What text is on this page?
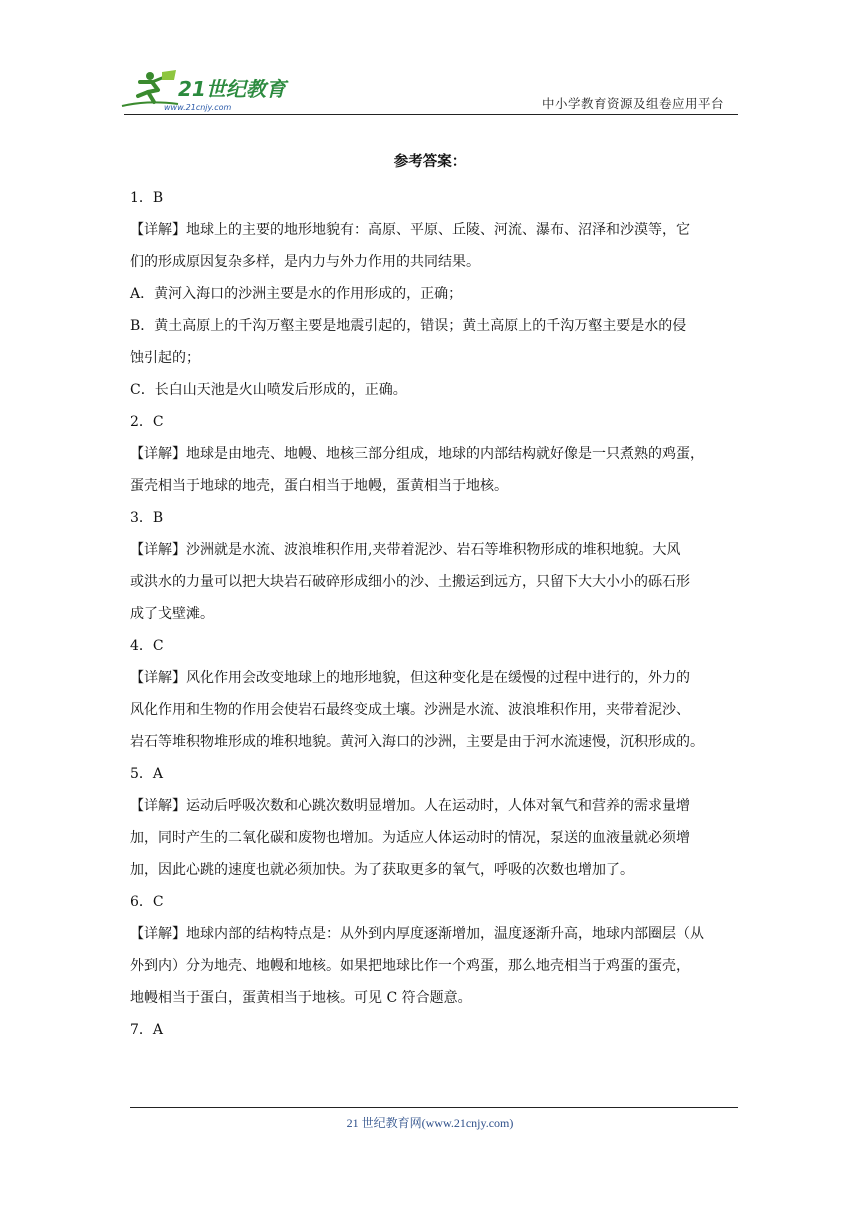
21世纪教育
www.21cnjy.com	中小学教育资源及组卷应用平台
参考答案：
1．B
【详解】地球上的主要的地形地貌有：高原、平原、丘陵、河流、瀑布、沼泽和沙漠等，它
们的形成原因复杂多样，是内力与外力作用的共同结果。
A．黄河入海口的沙洲主要是水的作用形成的，正确；
B．黄土高原上的千沟万壑主要是地震引起的，错误；黄土高原上的千沟万壑主要是水的侵
蚀引起的；
C．长白山天池是火山喷发后形成的，正确。
2．C
【详解】地球是由地壳、地幔、地核三部分组成，地球的内部结构就好像是一只煮熟的鸡蛋，
蛋壳相当于地球的地壳，蛋白相当于地幔，蛋黄相当于地核。
3．B
【详解】沙洲就是水流、波浪堆积作用,夹带着泥沙、岩石等堆积物形成的堆积地貌。大风
或洪水的力量可以把大块岩石破碎形成细小的沙、土搬运到远方，只留下大大小小的砾石形
成了戈壁滩。
4．C
【详解】风化作用会改变地球上的地形地貌，但这种变化是在缓慢的过程中进行的，外力的
风化作用和生物的作用会使岩石最终变成土壤。沙洲是水流、波浪堆积作用，夹带着泥沙、
岩石等堆积物堆形成的堆积地貌。黄河入海口的沙洲，主要是由于河水流速慢，沉积形成的。
5．A
【详解】运动后呼吸次数和心跳次数明显增加。人在运动时，人体对氧气和营养的需求量增
加，同时产生的二氧化碳和废物也增加。为适应人体运动时的情况，泵送的血液量就必须增
加，因此心跳的速度也就必须加快。为了获取更多的氧气，呼吸的次数也增加了。
6．C
【详解】地球内部的结构特点是：从外到内厚度逐渐增加，温度逐渐升高，地球内部圈层（从
外到内）分为地壳、地幔和地核。如果把地球比作一个鸡蛋，那么地壳相当于鸡蛋的蛋壳，
地幔相当于蛋白，蛋黄相当于地核。可见 C 符合题意。
7．A
21 世纪教育网(www.21cnjy.com)
